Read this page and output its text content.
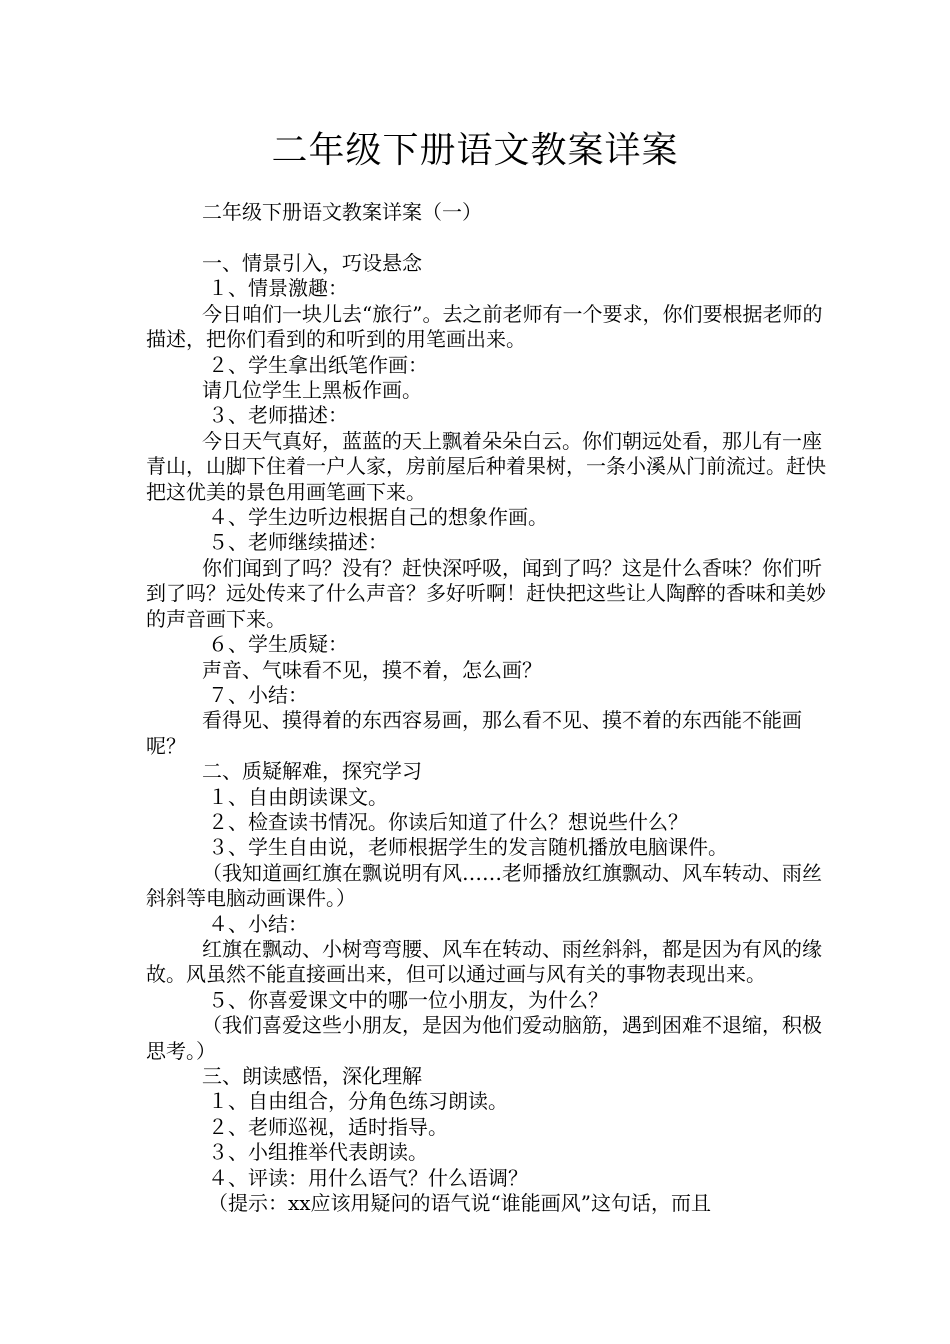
二年级下册语文教案详案
二年级下册语文教案详案（一）

一、情景引入，巧设悬念

１、情景激趣：

今日咱们一块儿去“旅行”。去之前老师有一个要求，你们要根据老师的描述，把你们看到的和听到的用笔画出来。

２、学生拿出纸笔作画：

请几位学生上黑板作画。

３、老师描述：

今日天气真好，蓝蓝的天上飘着朵朵白云。你们朝远处看，那儿有一座青山，山脚下住着一户人家，房前屋后种着果树，一条小溪从门前流过。赶快把这优美的景色用画笔画下来。

４、学生边听边根据自己的想象作画。

５、老师继续描述：

你们闻到了吗？没有？赶快深呼吸，闻到了吗？这是什么香味？你们听到了吗？远处传来了什么声音？多好听啊！赶快把这些让人陶醉的香味和美妙的声音画下来。

６、学生质疑：

声音、气味看不见，摸不着，怎么画？

７、小结：

看得见、摸得着的东西容易画，那么看不见、摸不着的东西能不能画呢？

二、质疑解难，探究学习

１、自由朗读课文。

２、检查读书情况。你读后知道了什么？想说些什么？

３、学生自由说，老师根据学生的发言随机播放电脑课件。

（我知道画红旗在飘说明有风……老师播放红旗飘动、风车转动、雨丝斜斜等电脑动画课件。）

４、小结：

红旗在飘动、小树弯弯腰、风车在转动、雨丝斜斜，都是因为有风的缘故。风虽然不能直接画出来，但可以通过画与风有关的事物表现出来。

５、你喜爱课文中的哪一位小朋友，为什么？

（我们喜爱这些小朋友，是因为他们爱动脑筋，遇到困难不退缩，积极思考。）

三、朗读感悟，深化理解

１、自由组合，分角色练习朗读。

２、老师巡视，适时指导。

３、小组推举代表朗读。

４、评读：用什么语气？什么语调？

（提示：xx应该用疑问的语气说“谁能画风”这句话，而且
